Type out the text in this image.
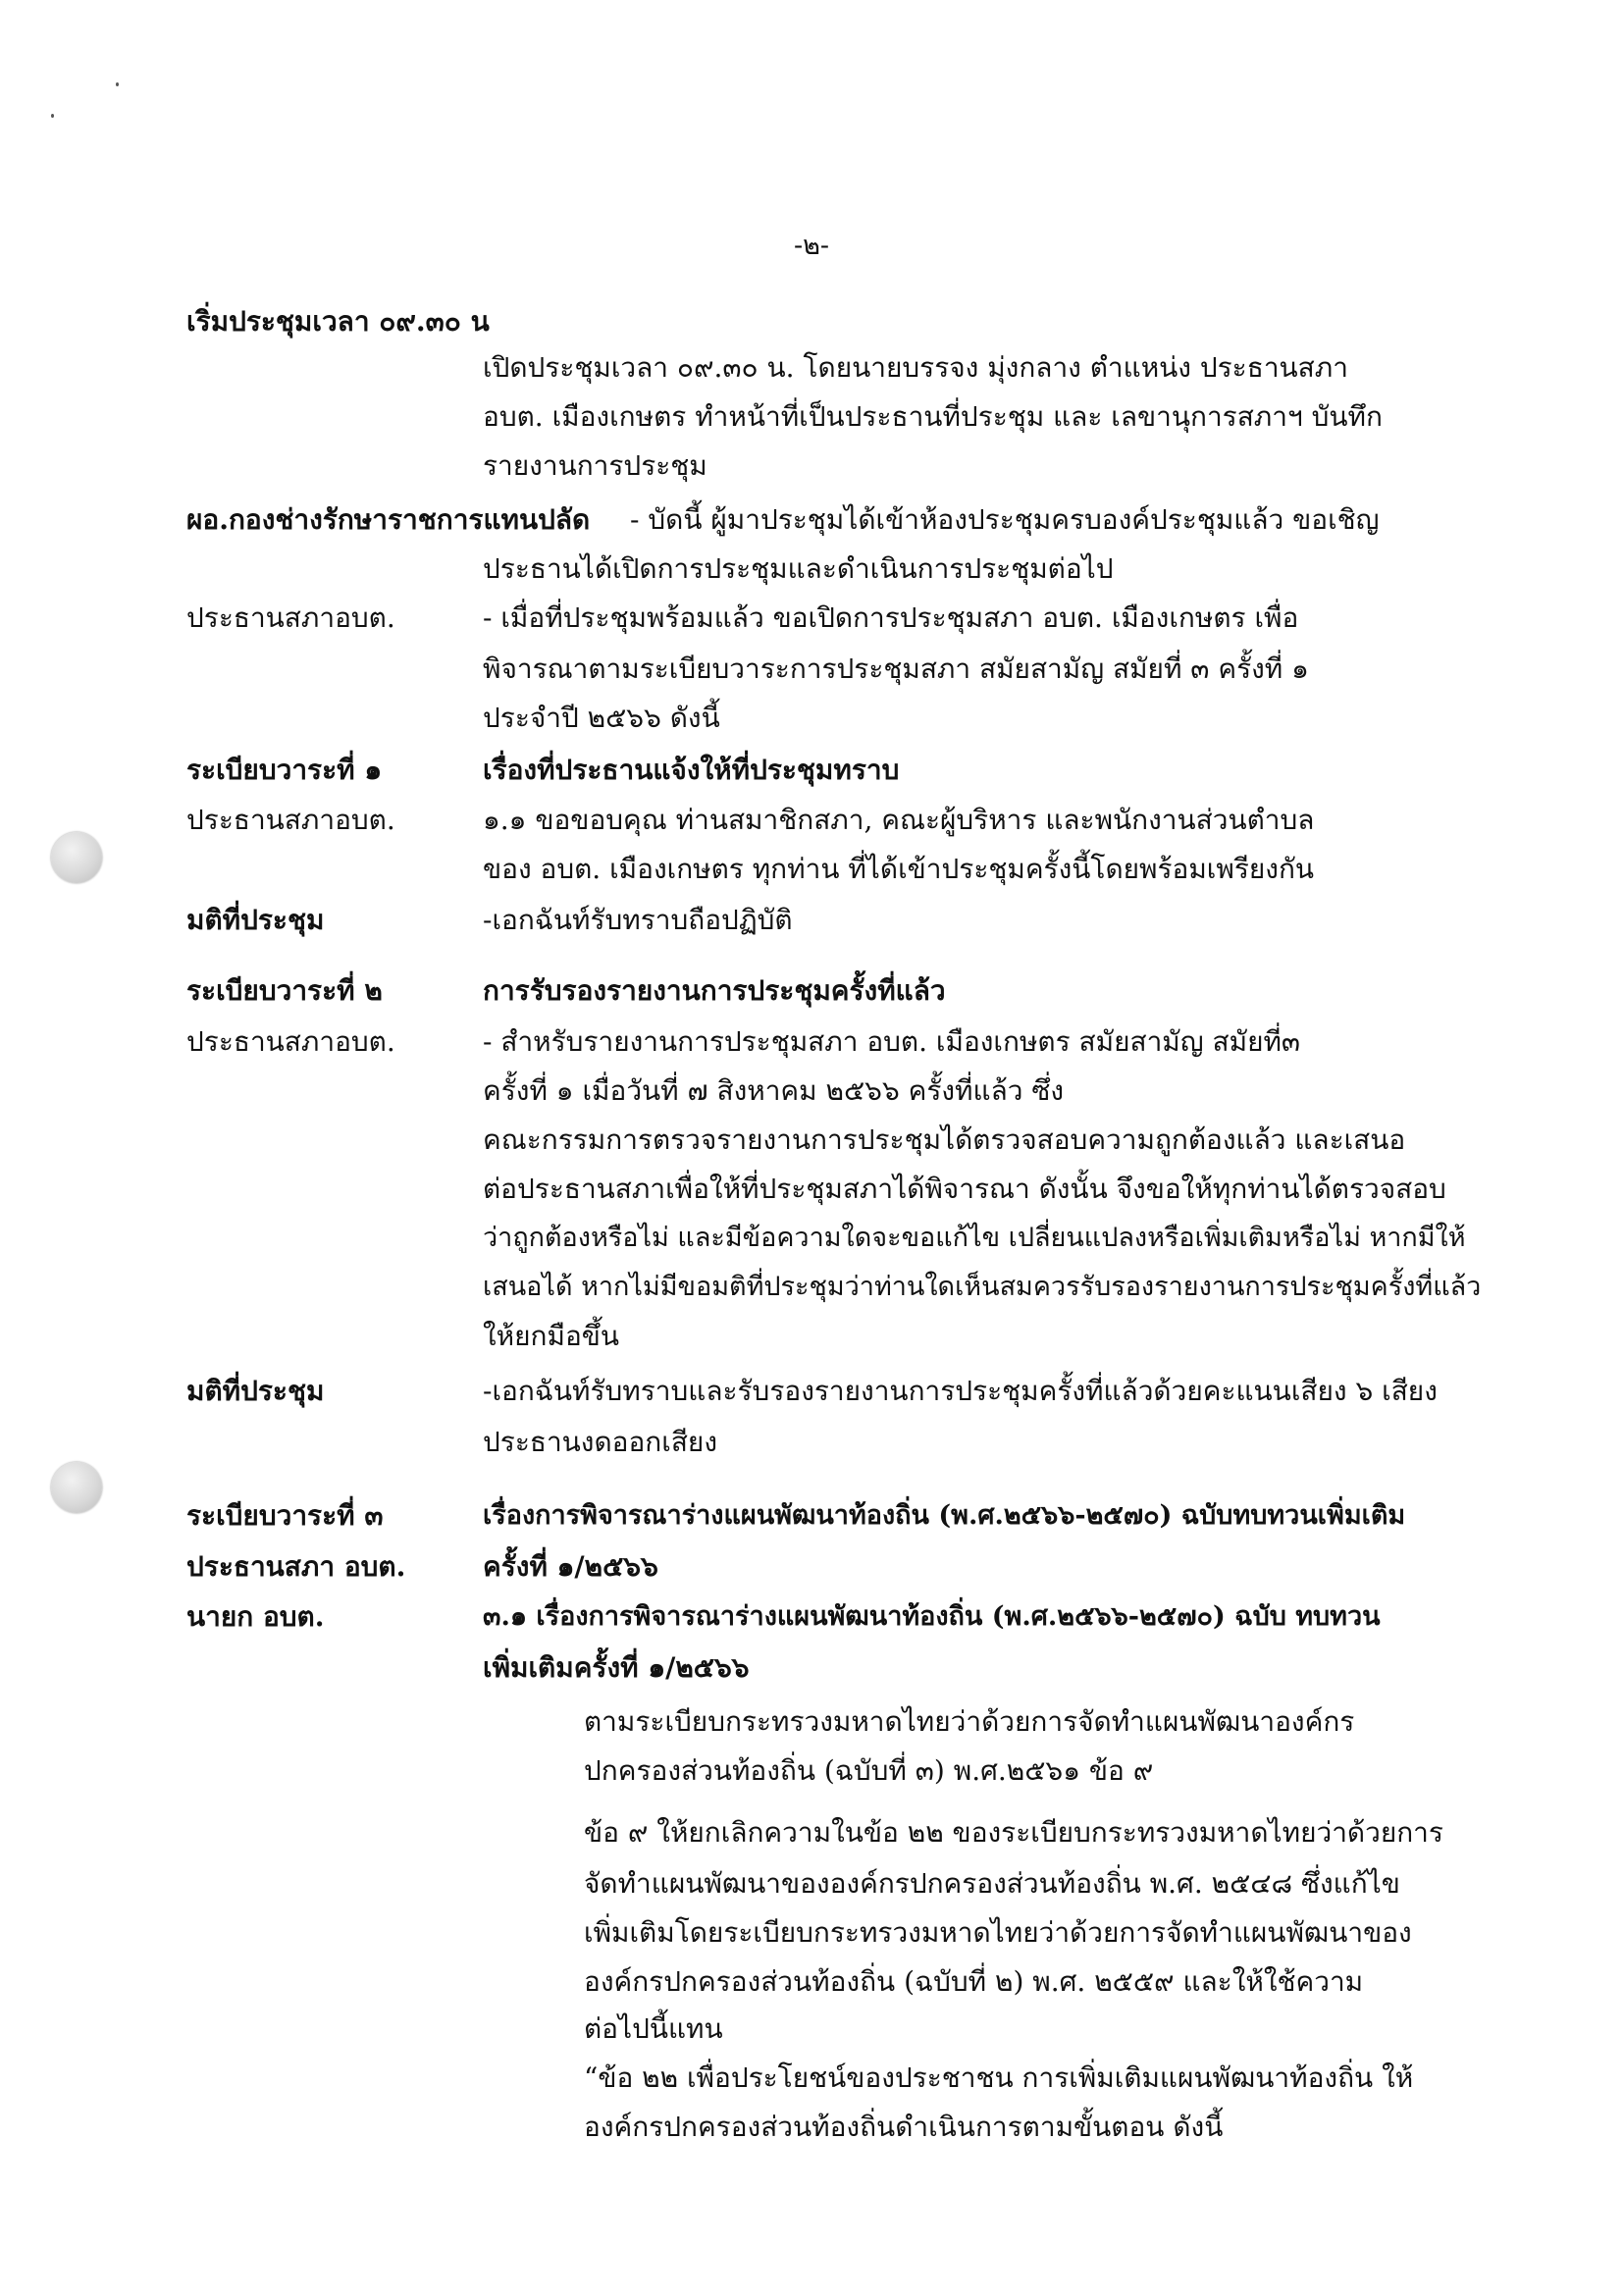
-๒-
เริ่มประชุมเวลา ๐๙.๓๐ น
เปิดประชุมเวลา ๐๙.๓๐ น. โดยนายบรรจง มุ่งกลาง ตำแหน่ง ประธานสภา
อบต. เมืองเกษตร ทำหน้าที่เป็นประธานที่ประชุม และ เลขานุการสภาฯ บันทึก
รายงานการประชุม
ผอ.กองช่างรักษาราชการแทนปลัด - บัดนี้ ผู้มาประชุมได้เข้าห้องประชุมครบองค์ประชุมแล้ว ขอเชิญ
ประธานได้เปิดการประชุมและดำเนินการประชุมต่อไป
ประธานสภาอบต.	- เมื่อที่ประชุมพร้อมแล้ว ขอเปิดการประชุมสภา อบต. เมืองเกษตร เพื่อ
พิจารณาตามระเบียบวาระการประชุมสภา สมัยสามัญ สมัยที่ ๓ ครั้งที่ ๑
ประจำปี ๒๕๖๖ ดังนี้
ระเบียบวาระที่ ๑	เรื่องที่ประธานแจ้งให้ที่ประชุมทราบ
ประธานสภาอบต.	๑.๑ ขอขอบคุณ ท่านสมาชิกสภา, คณะผู้บริหาร และพนักงานส่วนตำบล
ของ อบต. เมืองเกษตร ทุกท่าน ที่ได้เข้าประชุมครั้งนี้โดยพร้อมเพรียงกัน
มติที่ประชุม	-เอกฉันท์รับทราบถือปฏิบัติ
ระเบียบวาระที่ ๒	การรับรองรายงานการประชุมครั้งที่แล้ว
ประธานสภาอบต.	- สำหรับรายงานการประชุมสภา อบต. เมืองเกษตร สมัยสามัญ สมัยที่๓
ครั้งที่ ๑ เมื่อวันที่ ๗ สิงหาคม ๒๕๖๖ ครั้งที่แล้ว ซึ่ง
คณะกรรมการตรวจรายงานการประชุมได้ตรวจสอบความถูกต้องแล้ว และเสนอ
ต่อประธานสภาเพื่อให้ที่ประชุมสภาได้พิจารณา ดังนั้น จึงขอให้ทุกท่านได้ตรวจสอบ
ว่าถูกต้องหรือไม่ และมีข้อความใดจะขอแก้ไข เปลี่ยนแปลงหรือเพิ่มเติมหรือไม่ หากมีให้
เสนอได้ หากไม่มีขอมติที่ประชุมว่าท่านใดเห็นสมควรรับรองรายงานการประชุมครั้งที่แล้ว
ให้ยกมือขึ้น
มติที่ประชุม	-เอกฉันท์รับทราบและรับรองรายงานการประชุมครั้งที่แล้วด้วยคะแนนเสียง ๖ เสียง
ประธานงดออกเสียง
ระเบียบวาระที่ ๓	เรื่องการพิจารณาร่างแผนพัฒนาท้องถิ่น (พ.ศ.๒๕๖๖-๒๕๗๐) ฉบับทบทวนเพิ่มเติม
ประธานสภา อบต.	ครั้งที่ ๑/๒๕๖๖
นายก อบต.	๓.๑ เรื่องการพิจารณาร่างแผนพัฒนาท้องถิ่น (พ.ศ.๒๕๖๖-๒๕๗๐) ฉบับ ทบทวน
เพิ่มเติมครั้งที่ ๑/๒๕๖๖
ตามระเบียบกระทรวงมหาดไทยว่าด้วยการจัดทำแผนพัฒนาองค์กร
ปกครองส่วนท้องถิ่น (ฉบับที่ ๓) พ.ศ.๒๕๖๑ ข้อ ๙
ข้อ ๙ ให้ยกเลิกความในข้อ ๒๒ ของระเบียบกระทรวงมหาดไทยว่าด้วยการ
จัดทำแผนพัฒนาขององค์กรปกครองส่วนท้องถิ่น พ.ศ. ๒๕๔๘ ซึ่งแก้ไข
เพิ่มเติมโดยระเบียบกระทรวงมหาดไทยว่าด้วยการจัดทำแผนพัฒนาของ
องค์กรปกครองส่วนท้องถิ่น (ฉบับที่ ๒) พ.ศ. ๒๕๕๙ และให้ใช้ความ
ต่อไปนี้แทน
“ข้อ ๒๒ เพื่อประโยชน์ของประชาชน การเพิ่มเติมแผนพัฒนาท้องถิ่น ให้
องค์กรปกครองส่วนท้องถิ่นดำเนินการตามขั้นตอน ดังนี้
